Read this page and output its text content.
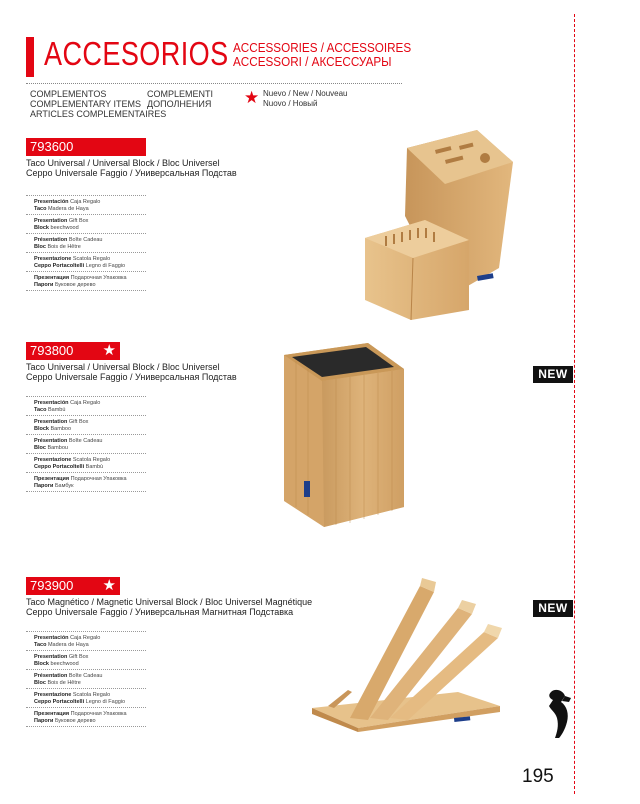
ACCESORIOS ACCESSORIES / ACCESSOIRES
ACCESSORI / АКСЕССУАРЫ
COMPLEMENTOS
COMPLEMENTARY ITEMS
ARTICLES COMPLEMENTAIRES
COMPLEMENTI
ДОПОЛНЕНИЯ ★ Nuevo / New / Nouveau
Nuovo / Новый
NEW
NEW
195
793600
Taco Universal / Universal Block / Bloc Universel
Ceppo Universale Faggio / Универсальная Подстав
Presentación Caja Regalo
Taco Madera de Haya
Presentation Gift Box
Block beechwood
Présentation Boîte Cadeau
Bloc Bois de Hêtre
Presentazione Scatola Regalo
Ceppo Portacoltelli Legno di Faggio
Презентация Подарочная Упаковка
Пароги Буковое дерево
793800 ★
Taco Universal / Universal Block / Bloc Universel
Ceppo Universale Faggio / Универсальная Подстав
Presentación Caja Regalo
Taco Bambú
Presentation Gift Box
Block Bamboo
Présentation Boîte Cadeau
Bloc Bambou
Presentazione Scatola Regalo
Ceppo Portacoltelli Bambù
Презентация Подарочная Упаковка
Пароги Бамбук
793900 ★
Taco Magnético / Magnetic Universal Block / Bloc Universel Magnétique
Ceppo Universale Faggio / Универсальная Магнитная Подставка
Presentación Caja Regalo
Taco Madera de Haya
Presentation Gift Box
Block beechwood
Présentation Boîte Cadeau
Bloc Bois de Hêtre
Presentazione Scatola Regalo
Ceppo Portacoltelli Legno di Faggio
Презентация Подарочная Упаковка
Пароги Буковое дерево
